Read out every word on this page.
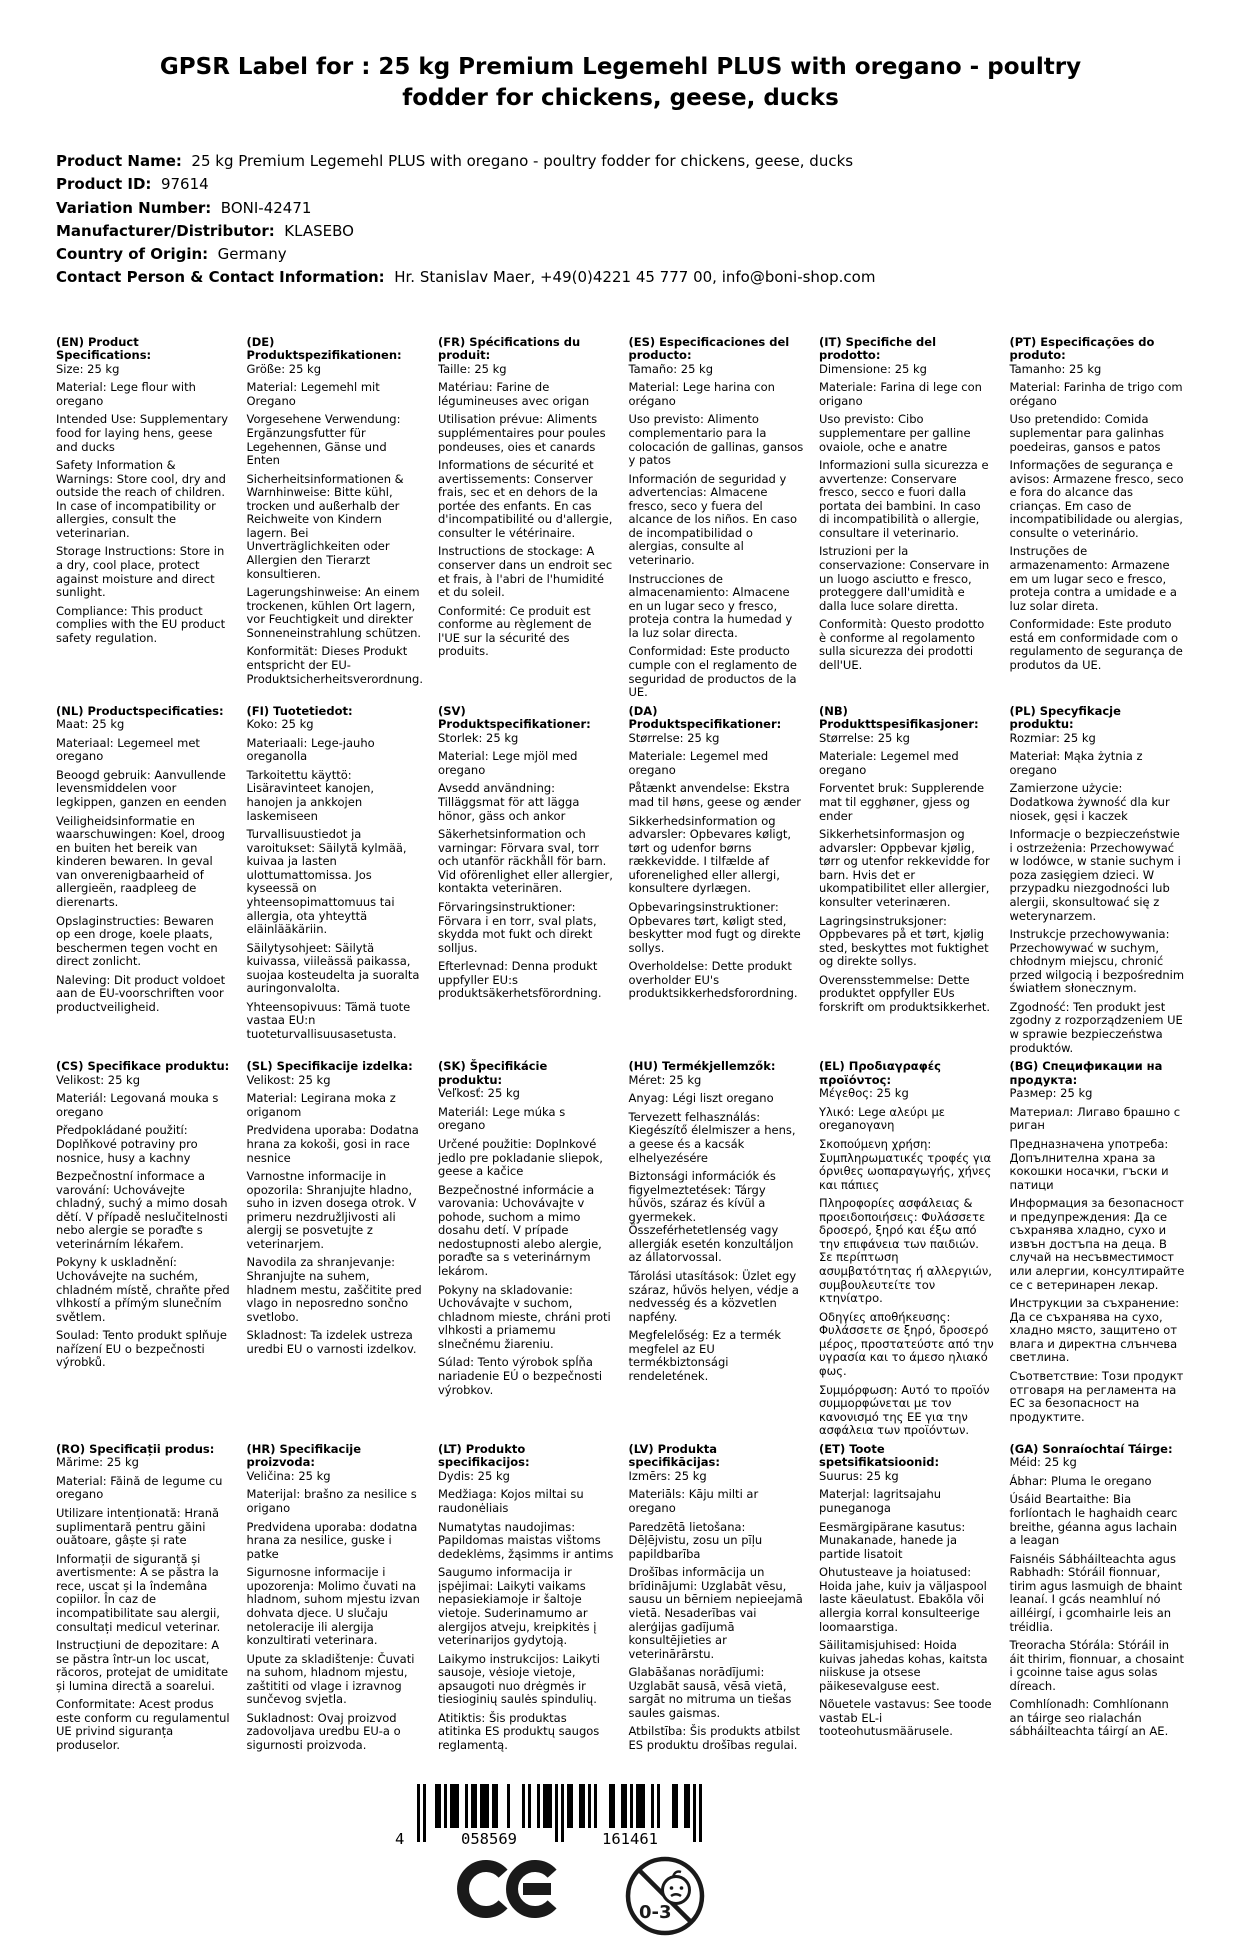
GPSR Label for : 25 kg Premium Legemehl PLUS with oregano - poultry fodder for chickens, geese, ducks
Product Name:  25 kg Premium Legemehl PLUS with oregano - poultry fodder for chickens, geese, ducks
Product ID:  97614
Variation Number:  BONI-42471
Manufacturer/Distributor:  KLASEBO
Country of Origin:  Germany
Contact Person & Contact Information:  Hr. Stanislav Maer, +49(0)4221 45 777 00, info@boni-shop.com
(EN) Product Specifications:

Size: 25 kg

Material: Lege flour with oregano

Intended Use: Supplementary food for laying hens, geese and ducks

Safety Information & Warnings: Store cool, dry and outside the reach of children. In case of incompatibility or allergies, consult the veterinarian.

Storage Instructions: Store in a dry, cool place, protect against moisture and direct sunlight.

Compliance: This product complies with the EU product safety regulation.

(DE) Produktspezifikationen:

Größe: 25 kg

Material: Legemehl mit Oregano

Vorgesehene Verwendung: Ergänzungsfutter für Legehennen, Gänse und Enten

Sicherheitsinformationen & Warnhinweise: Bitte kühl, trocken und außerhalb der Reichweite von Kindern lagern. Bei Unverträglichkeiten oder Allergien den Tierarzt konsultieren.

Lagerungshinweise: An einem trockenen, kühlen Ort lagern, vor Feuchtigkeit und direkter Sonneneinstrahlung schützen.

Konformität: Dieses Produkt entspricht der EU-Produktsicherheitsverordnung.

(FR) Spécifications du produit:

Taille: 25 kg

Matériau: Farine de légumineuses avec origan

Utilisation prévue: Aliments supplémentaires pour poules pondeuses, oies et canards

Informations de sécurité et avertissements: Conserver frais, sec et en dehors de la portée des enfants. En cas d'incompatibilité ou d'allergie, consulter le vétérinaire.

Instructions de stockage: A conserver dans un endroit sec et frais, à l'abri de l'humidité et du soleil.

Conformité: Ce produit est conforme au règlement de l'UE sur la sécurité des produits.

(ES) Especificaciones del producto:

Tamaño: 25 kg

Material: Lege harina con orégano

Uso previsto: Alimento complementario para la colocación de gallinas, gansos y patos

Información de seguridad y advertencias: Almacene fresco, seco y fuera del alcance de los niños. En caso de incompatibilidad o alergias, consulte al veterinario.

Instrucciones de almacenamiento: Almacene en un lugar seco y fresco, proteja contra la humedad y la luz solar directa.

Conformidad: Este producto cumple con el reglamento de seguridad de productos de la UE.

(IT) Specifiche del prodotto:

Dimensione: 25 kg

Materiale: Farina di lege con origano

Uso previsto: Cibo supplementare per galline ovaiole, oche e anatre

Informazioni sulla sicurezza e avvertenze: Conservare fresco, secco e fuori dalla portata dei bambini. In caso di incompatibilità o allergie, consultare il veterinario.

Istruzioni per la conservazione: Conservare in un luogo asciutto e fresco, proteggere dall'umidità e dalla luce solare diretta.

Conformità: Questo prodotto è conforme al regolamento sulla sicurezza dei prodotti dell'UE.

(PT) Especificações do produto:

Tamanho: 25 kg

Material: Farinha de trigo com orégano

Uso pretendido: Comida suplementar para galinhas poedeiras, gansos e patos

Informações de segurança e avisos: Armazene fresco, seco e fora do alcance das crianças. Em caso de incompatibilidade ou alergias, consulte o veterinário.

Instruções de armazenamento: Armazene em um lugar seco e fresco, proteja contra a umidade e a luz solar direta.

Conformidade: Este produto está em conformidade com o regulamento de segurança de produtos da UE.

(NL) Productspecificaties:

Maat: 25 kg

Materiaal: Legemeel met oregano

Beoogd gebruik: Aanvullende levensmiddelen voor legkippen, ganzen en eenden

Veiligheidsinformatie en waarschuwingen: Koel, droog en buiten het bereik van kinderen bewaren. In geval van onverenigbaarheid of allergieën, raadpleeg de dierenarts.

Opslaginstructies: Bewaren op een droge, koele plaats, beschermen tegen vocht en direct zonlicht.

Naleving: Dit product voldoet aan de EU-voorschriften voor productveiligheid.

(FI) Tuotetiedot:

Koko: 25 kg

Materiaali: Lege-jauho oreganolla

Tarkoitettu käyttö: Lisäravinteet kanojen, hanojen ja ankkojen laskemiseen

Turvallisuustiedot ja varoitukset: Säilytä kylmää, kuivaa ja lasten ulottumattomissa. Jos kyseessä on yhteensopimattomuus tai allergia, ota yhteyttä eläinlääkäriin.

Säilytysohjeet: Säilytä kuivassa, viileässä paikassa, suojaa kosteudelta ja suoralta auringonvalolta.

Yhteensopivuus: Tämä tuote vastaa EU:n tuoteturvallisuusasetusta.

(SV) Produktspecifikationer:

Storlek: 25 kg

Material: Lege mjöl med oregano

Avsedd användning: Tilläggsmat för att lägga hönor, gäss och ankor

Säkerhetsinformation och varningar: Förvara sval, torr och utanför räckhåll för barn. Vid oförenlighet eller allergier, kontakta veterinären.

Förvaringsinstruktioner: Förvara i en torr, sval plats, skydda mot fukt och direkt solljus.

Efterlevnad: Denna produkt uppfyller EU:s produktsäkerhetsförordning.

(DA) Produktspecifikationer:

Størrelse: 25 kg

Materiale: Legemel med oregano

Påtænkt anvendelse: Ekstra mad til høns, geese og ænder

Sikkerhedsinformation og advarsler: Opbevares køligt, tørt og udenfor børns rækkevidde. I tilfælde af uforenelighed eller allergi, konsultere dyrlægen.

Opbevaringsinstruktioner: Opbevares tørt, køligt sted, beskytter mod fugt og direkte sollys.

Overholdelse: Dette produkt overholder EU's produktsikkerhedsforordning.

(NB) Produkttspesifikasjoner:

Størrelse: 25 kg

Materiale: Legemel med oregano

Forventet bruk: Supplerende mat til egghøner, gjess og ender

Sikkerhetsinformasjon og advarsler: Oppbevar kjølig, tørr og utenfor rekkevidde for barn. Hvis det er ukompatibilitet eller allergier, konsulter veterinæren.

Lagringsinstruksjoner: Oppbevares på et tørt, kjølig sted, beskyttes mot fuktighet og direkte sollys.

Overensstemmelse: Dette produktet oppfyller EUs forskrift om produktsikkerhet.

(PL) Specyfikacje produktu:

Rozmiar: 25 kg

Materiał: Mąka żytnia z oregano

Zamierzone użycie: Dodatkowa żywność dla kur niosek, gęsi i kaczek

Informacje o bezpieczeństwie i ostrzeżenia: Przechowywać w lodówce, w stanie suchym i poza zasięgiem dzieci. W przypadku niezgodności lub alergii, skonsultować się z weterynarzem.

Instrukcje przechowywania: Przechowywać w suchym, chłodnym miejscu, chronić przed wilgocią i bezpośrednim światłem słonecznym.

Zgodność: Ten produkt jest zgodny z rozporządzeniem UE w sprawie bezpieczeństwa produktów.

(CS) Specifikace produktu:

Velikost: 25 kg

Materiál: Legovaná mouka s oregano

Předpokládané použití: Doplňkové potraviny pro nosnice, husy a kachny

Bezpečnostní informace a varování: Uchovávejte chladný, suchý a mimo dosah dětí. V případě neslučitelnosti nebo alergie se poraďte s veterinárním lékařem.

Pokyny k uskladnění: Uchovávejte na suchém, chladném místě, chraňte před vlhkostí a přímým slunečním světlem.

Soulad: Tento produkt splňuje nařízení EU o bezpečnosti výrobků.

(SL) Specifikacije izdelka:

Velikost: 25 kg

Material: Legirana moka z origanom

Predvidena uporaba: Dodatna hrana za kokoši, gosi in race nesnice

Varnostne informacije in opozorila: Shranjujte hladno, suho in izven dosega otrok. V primeru nezdružljivosti ali alergij se posvetujte z veterinarjem.

Navodila za shranjevanje: Shranjujte na suhem, hladnem mestu, zaščitite pred vlago in neposredno sončno svetlobo.

Skladnost: Ta izdelek ustreza uredbi EU o varnosti izdelkov.

(SK) Špecifikácie produktu:

Veľkosť: 25 kg

Materiál: Lege múka s oregano

Určené použitie: Doplnkové jedlo pre pokladanie sliepok, geese a kačice

Bezpečnostné informácie a varovania: Uchovávajte v pohode, suchom a mimo dosahu detí. V prípade nedostupnosti alebo alergie, poraďte sa s veterinárnym lekárom.

Pokyny na skladovanie: Uchovávajte v suchom, chladnom mieste, chráni proti vlhkosti a priamemu slnečnému žiareniu.

Súlad: Tento výrobok spĺňa nariadenie EÚ o bezpečnosti výrobkov.

(HU) Termékjellemzők:

Méret: 25 kg

Anyag: Légi liszt oregano

Tervezett felhasználás: Kiegészítő élelmiszer a hens, a geese és a kacsák elhelyezésére

Biztonsági információk és figyelmeztetések: Tárgy hűvös, száraz és kívül a gyermekek. Összeférhetetlenség vagy allergiák esetén konzultáljon az állatorvossal.

Tárolási utasítások: Üzlet egy száraz, hűvös helyen, védje a nedvesség és a közvetlen napfény.

Megfelelőség: Ez a termék megfelel az EU termékbiztonsági rendeletének.

(EL) Προδιαγραφές προϊόντος:

Μέγεθος: 25 kg

Υλικό: Lege αλεύρι με oreganoγανη

Σκοπούμενη χρήση: Συμπληρωματικές τροφές για όρνιθες ωοπαραγωγής, χήνες και πάπιες

Πληροφορίες ασφάλειας & προειδοποιήσεις: Φυλάσσετε δροσερό, ξηρό και έξω από την επιφάνεια των παιδιών. Σε περίπτωση ασυμβατότητας ή αλλεργιών, συμβουλευτείτε τον κτηνίατρο.

Οδηγίες αποθήκευσης: Φυλάσσετε σε ξηρό, δροσερό μέρος, προστατεύστε από την υγρασία και το άμεσο ηλιακό φως.

Συμμόρφωση: Αυτό το προϊόν συμμορφώνεται με τον κανονισμό της ΕΕ για την ασφάλεια των προϊόντων.

(BG) Спецификации на продукта:

Размер: 25 kg

Материал: Лигаво брашно с риган

Предназначена употреба: Допълнителна храна за кокошки носачки, гъски и патици

Информация за безопасност и предупреждения: Да се съхранява хладно, сухо и извън достъпа на деца. В случай на несъвместимост или алергии, консултирайте се с ветеринарен лекар.

Инструкции за съхранение: Да се съхранява на сухо, хладно място, защитено от влага и директна слънчева светлина.

Съответствие: Този продукт отговаря на регламента на ЕС за безопасност на продуктите.

(RO) Specificații produs:

Mărime: 25 kg

Material: Făină de legume cu oregano

Utilizare intenționată: Hrană suplimentară pentru găini ouătoare, gâște și rate

Informații de siguranță și avertismente: A se păstra la rece, uscat și la îndemâna copiilor. În caz de incompatibilitate sau alergii, consultați medicul veterinar.

Instrucțiuni de depozitare: A se păstra într-un loc uscat, răcoros, protejat de umiditate și lumina directă a soarelui.

Conformitate: Acest produs este conform cu regulamentul UE privind siguranța produselor.

(HR) Specifikacije proizvoda:

Veličina: 25 kg

Materijal: brašno za nesilice s origano

Predvidena uporaba: dodatna hrana za nesilice, guske i patke

Sigurnosne informacije i upozorenja: Molimo čuvati na hladnom, suhom mjestu izvan dohvata djece. U slučaju netoleracije ili alergija konzultirati veterinara.

Upute za skladištenje: Čuvati na suhom, hladnom mjestu, zaštititi od vlage i izravnog sunčevog svjetla.

Sukladnost: Ovaj proizvod zadovoljava uredbu EU-a o sigurnosti proizvoda.

(LT) Produkto specifikacijos:

Dydis: 25 kg

Medžiaga: Kojos miltai su raudonėliais

Numatytas naudojimas: Papildomas maistas vištoms dedeklėms, žąsimms ir antims

Saugumo informacija ir įspėjimai: Laikyti vaikams nepasiekiamoje ir šaltoje vietoje. Suderinamumo ar alergijos atveju, kreipkitės į veterinarijos gydytoją.

Laikymo instrukcijos: Laikyti sausoje, vėsioje vietoje, apsaugoti nuo drėgmės ir tiesioginių saulės spindulių.

Atitiktis: Šis produktas atitinka ES produktų saugos reglamentą.

(LV) Produkta specifikācijas:

Izmērs: 25 kg

Materiāls: Kāju milti ar oregano

Paredzētā lietošana: Dēļējvistu, zosu un pīļu papildbarība

Drošības informācija un brīdinājumi: Uzglabāt vēsu, sausu un bērniem nepieejamā vietā. Nesaderības vai alerģijas gadījumā konsultējieties ar veterinārārstu.

Glabāšanas norādījumi: Uzglabāt sausā, vēsā vietā, sargāt no mitruma un tiešas saules gaismas.

Atbilstība: Šis produkts atbilst ES produktu drošības regulai.

(ET) Toote spetsifikatsioonid:

Suurus: 25 kg

Materjal: lagritsajahu puneganoga

Eesmärgipärane kasutus: Munakanade, hanede ja partide lisatoit

Ohutusteave ja hoiatused: Hoida jahe, kuiv ja väljaspool laste käeulatust. Ebakõla või allergia korral konsulteerige loomaarstiga.

Säilitamisjuhised: Hoida kuivas jahedas kohas, kaitsta niiskuse ja otsese päikesevalguse eest.

Nõuetele vastavus: See toode vastab EL-i tooteohutusmäärusele.

(GA) Sonraíochtaí Táirge:

Méid: 25 kg

Ábhar: Pluma le oregano

Úsáid Beartaithe: Bia forlíontach le haghaidh cearc breithe, géanna agus lachain a leagan

Faisnéis Sábháilteachta agus Rabhadh: Stóráil fionnuar, tirim agus lasmuigh de bhaint leanaí. I gcás neamhluí nó ailléirgí, i gcomhairle leis an tréidlia.

Treoracha Stórála: Stóráil in áit thirim, fionnuar, a chosaint i gcoinne taise agus solas díreach.

Comhlíonadh: Comhlíonann an táirge seo rialachán sábháilteachta táirgí an AE.

4	058569	161461
0-3
